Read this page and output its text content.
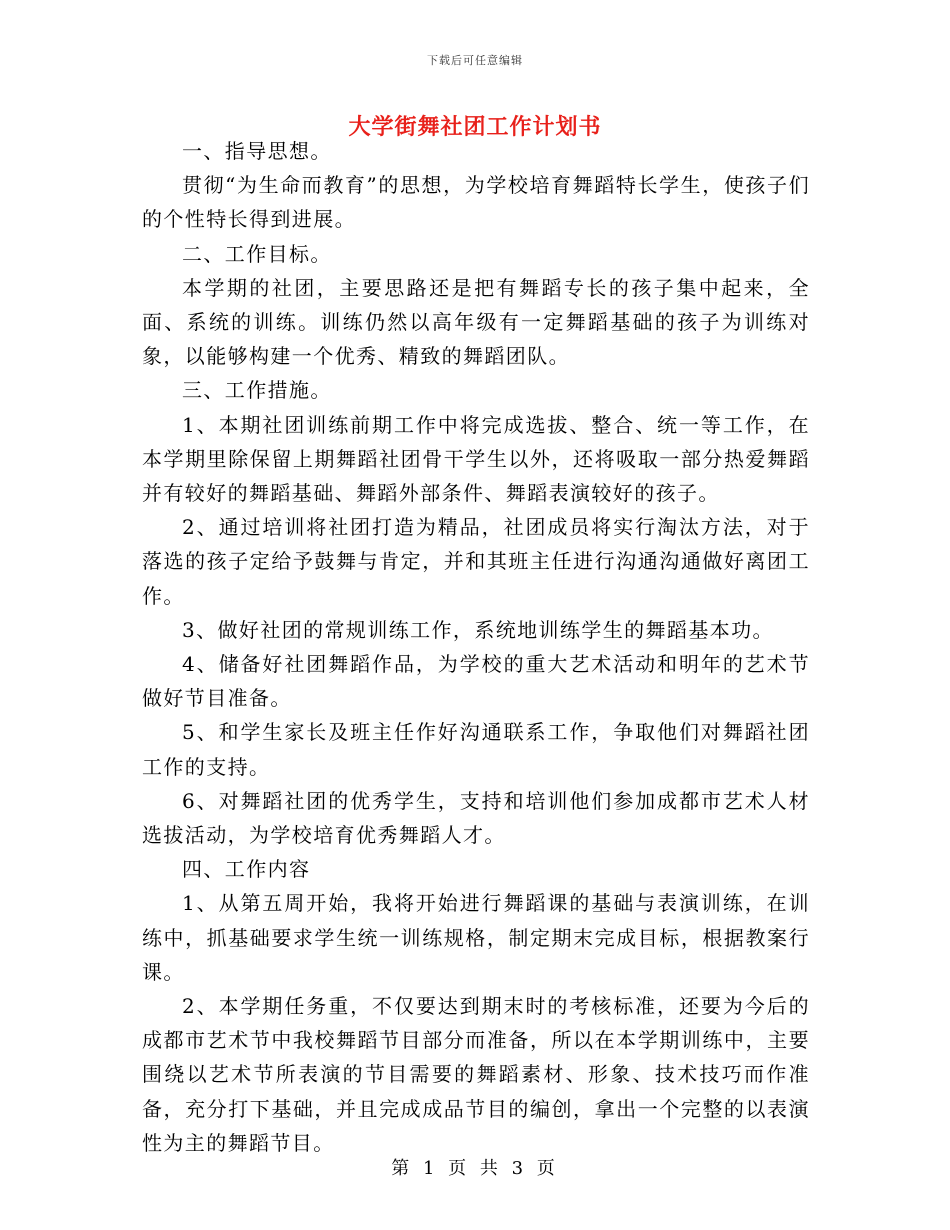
下载后可任意编辑
大学街舞社团工作计划书

一、指导思想。

贯彻“为生命而教育”的思想，为学校培育舞蹈特长学生，使孩子们的个性特长得到进展。

二、工作目标。

本学期的社团，主要思路还是把有舞蹈专长的孩子集中起来，全面、系统的训练。训练仍然以高年级有一定舞蹈基础的孩子为训练对象，以能够构建一个优秀、精致的舞蹈团队。

三、工作措施。

1、本期社团训练前期工作中将完成选拔、整合、统一等工作，在本学期里除保留上期舞蹈社团骨干学生以外，还将吸取一部分热爱舞蹈并有较好的舞蹈基础、舞蹈外部条件、舞蹈表演较好的孩子。

2、通过培训将社团打造为精品，社团成员将实行淘汰方法，对于落选的孩子定给予鼓舞与肯定，并和其班主任进行沟通沟通做好离团工作。

3、做好社团的常规训练工作，系统地训练学生的舞蹈基本功。

4、储备好社团舞蹈作品，为学校的重大艺术活动和明年的艺术节做好节目准备。

5、和学生家长及班主任作好沟通联系工作，争取他们对舞蹈社团工作的支持。

6、对舞蹈社团的优秀学生，支持和培训他们参加成都市艺术人材选拔活动，为学校培育优秀舞蹈人才。

四、工作内容

1、从第五周开始，我将开始进行舞蹈课的基础与表演训练，在训练中，抓基础要求学生统一训练规格，制定期末完成目标，根据教案行课。

2、本学期任务重，不仅要达到期末时的考核标准，还要为今后的成都市艺术节中我校舞蹈节目部分而准备，所以在本学期训练中，主要围绕以艺术节所表演的节目需要的舞蹈素材、形象、技术技巧而作准备，充分打下基础，并且完成成品节目的编创，拿出一个完整的以表演性为主的舞蹈节目。

第 1 页 共 3 页
